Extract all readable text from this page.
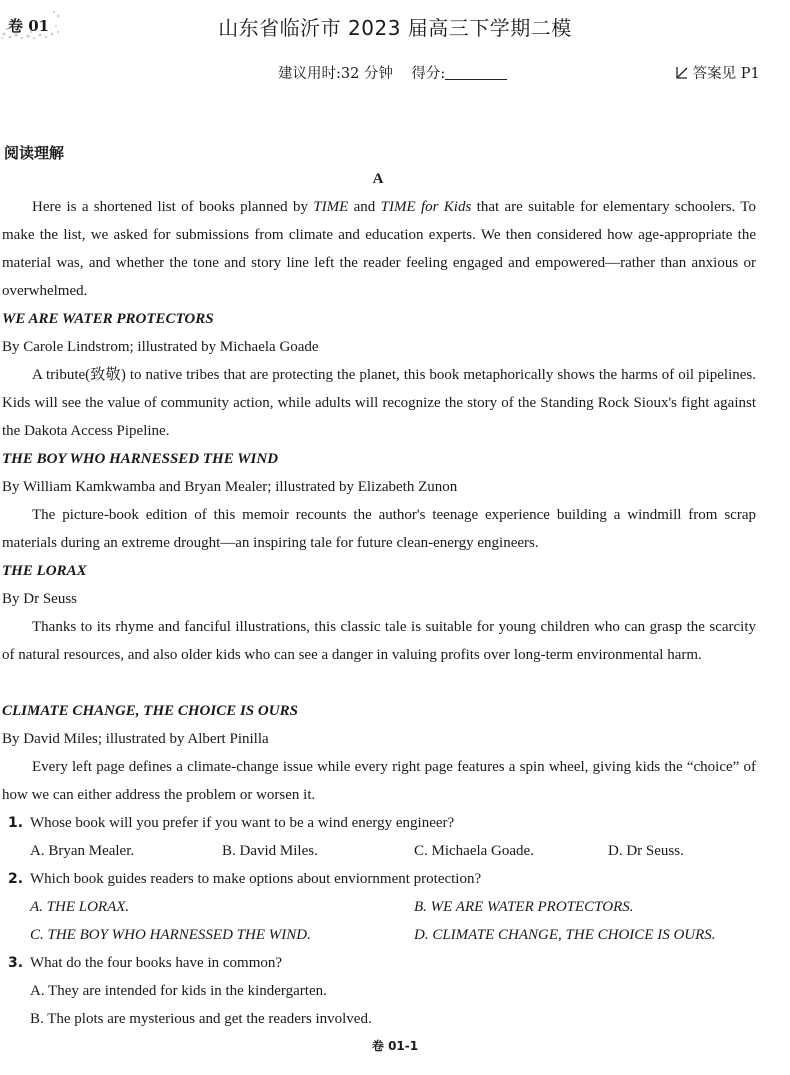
卷 01	山东省临沂市 2023 届高三下学期二模
建议用时:32 分钟 得分:	答案见 P1
阅读理解
A
Here is a shortened list of books planned by TIME and TIME for Kids that are suitable for elementary schoolers. To make the list, we asked for submissions from climate and education experts. We then considered how age-appropriate the material was, and whether the tone and story line left the reader feeling engaged and empowered—rather than anxious or overwhelmed.
WE ARE WATER PROTECTORS
By Carole Lindstrom; illustrated by Michaela Goade
A tribute(致敬) to native tribes that are protecting the planet, this book metaphorically shows the harms of oil pipelines. Kids will see the value of community action, while adults will recognize the story of the Standing Rock Sioux's fight against the Dakota Access Pipeline.
THE BOY WHO HARNESSED THE WIND
By William Kamkwamba and Bryan Mealer; illustrated by Elizabeth Zunon
The picture-book edition of this memoir recounts the author's teenage experience building a windmill from scrap materials during an extreme drought—an inspiring tale for future clean-energy engineers.
THE LORAX
By Dr Seuss
Thanks to its rhyme and fanciful illustrations, this classic tale is suitable for young children who can grasp the scarcity of natural resources, and also older kids who can see a danger in valuing profits over long-term environmental harm.
CLIMATE CHANGE, THE CHOICE IS OURS
By David Miles; illustrated by Albert Pinilla
Every left page defines a climate-change issue while every right page features a spin wheel, giving kids the “choice” of how we can either address the problem or worsen it.
1. Whose book will you prefer if you want to be a wind energy engineer?
A. Bryan Mealer.	B. David Miles.	C. Michaela Goade.	D. Dr Seuss.
2. Which book guides readers to make options about enviornment protection?
A. THE LORAX.	B. WE ARE WATER PROTECTORS.
C. THE BOY WHO HARNESSED THE WIND.	D. CLIMATE CHANGE, THE CHOICE IS OURS.
3. What do the four books have in common?
A. They are intended for kids in the kindergarten.
B. The plots are mysterious and get the readers involved.
卷 01-1
